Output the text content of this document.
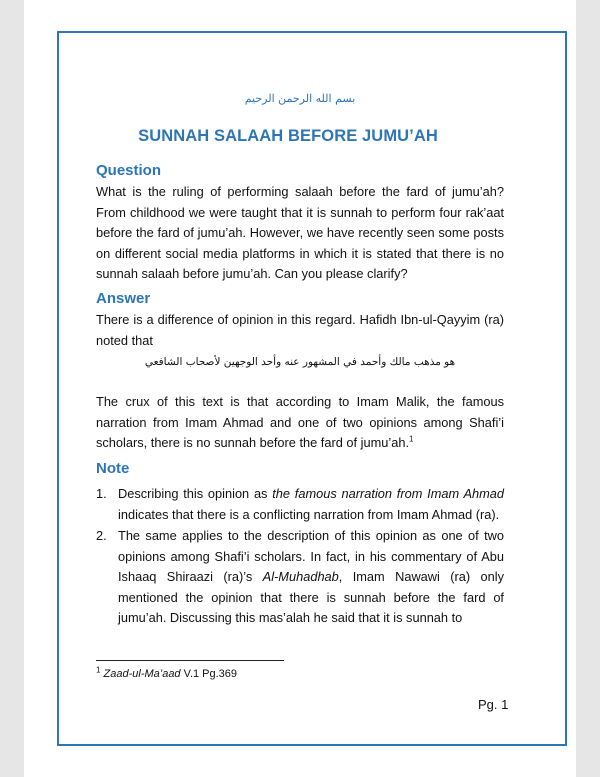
بسم الله الرحمن الرحيم
SUNNAH SALAAH BEFORE JUMU’AH
Question
What is the ruling of performing salaah before the fard of jumu’ah? From childhood we were taught that it is sunnah to perform four rak’aat before the fard of jumu’ah. However, we have recently seen some posts on different social media platforms in which it is stated that there is no sunnah salaah before jumu’ah. Can you please clarify?
Answer
There is a difference of opinion in this regard. Hafidh Ibn-ul-Qayyim (ra) noted that
هو مذهب مالك وأحمد في المشهور عنه وأحد الوجهين لأصحاب الشافعي
The crux of this text is that according to Imam Malik, the famous narration from Imam Ahmad and one of two opinions among Shafi’i scholars, there is no sunnah before the fard of jumu’ah.$^1$
Note
1. Describing this opinion as the famous narration from Imam Ahmad indicates that there is a conflicting narration from Imam Ahmad (ra).
2. The same applies to the description of this opinion as one of two opinions among Shafi’i scholars. In fact, in his commentary of Abu Ishaaq Shiraazi (ra)’s Al-Muhadhab, Imam Nawawi (ra) only mentioned the opinion that there is sunnah before the fard of jumu’ah. Discussing this mas’alah he said that it is sunnah to
$^1$ Zaad-ul-Ma’aad V.1 Pg.369
Pg. 1
